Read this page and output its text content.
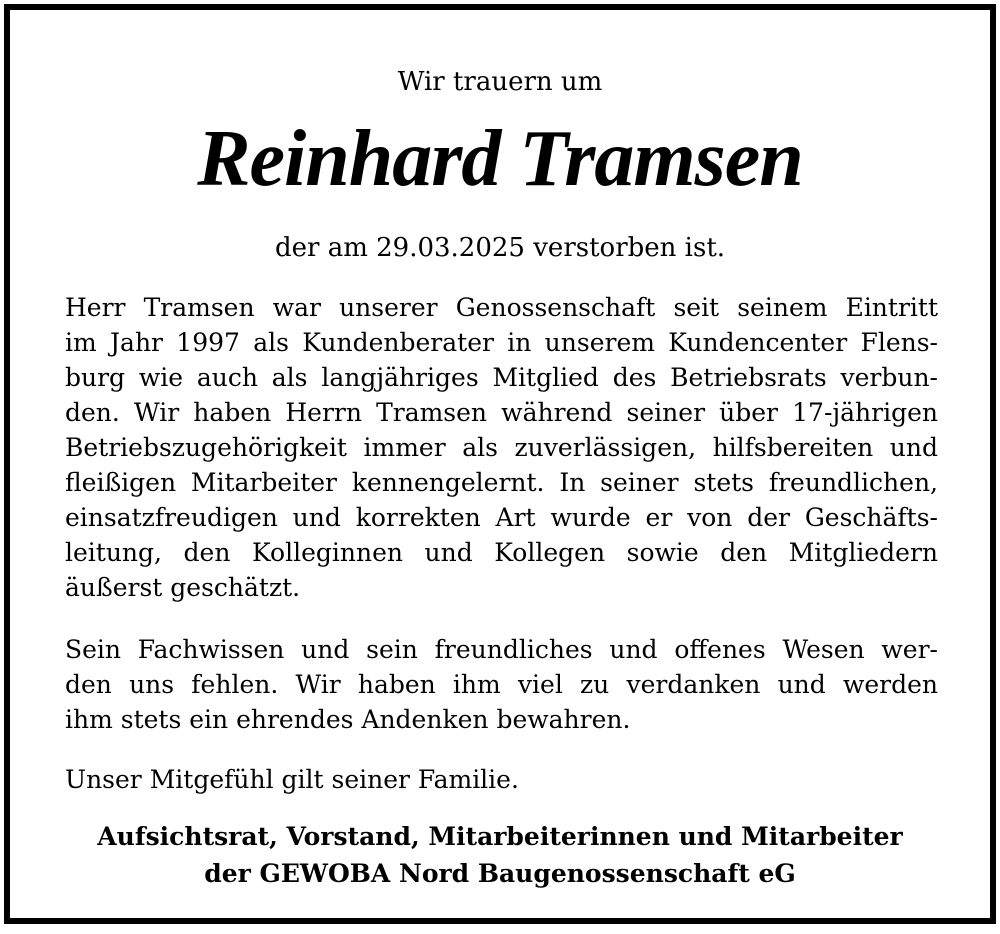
Wir trauern um
Reinhard Tramsen
der am 29.03.2025 verstorben ist.
Herr Tramsen war unserer Genossenschaft seit seinem Eintritt
im Jahr 1997 als Kundenberater in unserem Kundencenter Flens-
burg wie auch als langjähriges Mitglied des Betriebsrats verbun-
den. Wir haben Herrn Tramsen während seiner über 17-jährigen
Betriebszugehörigkeit immer als zuverlässigen, hilfsbereiten und
fleißigen Mitarbeiter kennengelernt. In seiner stets freundlichen,
einsatzfreudigen und korrekten Art wurde er von der Geschäfts-
leitung, den Kolleginnen und Kollegen sowie den Mitgliedern
äußerst geschätzt.
Sein Fachwissen und sein freundliches und offenes Wesen wer-
den uns fehlen. Wir haben ihm viel zu verdanken und werden
ihm stets ein ehrendes Andenken bewahren.
Unser Mitgefühl gilt seiner Familie.
Aufsichtsrat, Vorstand, Mitarbeiterinnen und Mitarbeiter
der GEWOBA Nord Baugenossenschaft eG
